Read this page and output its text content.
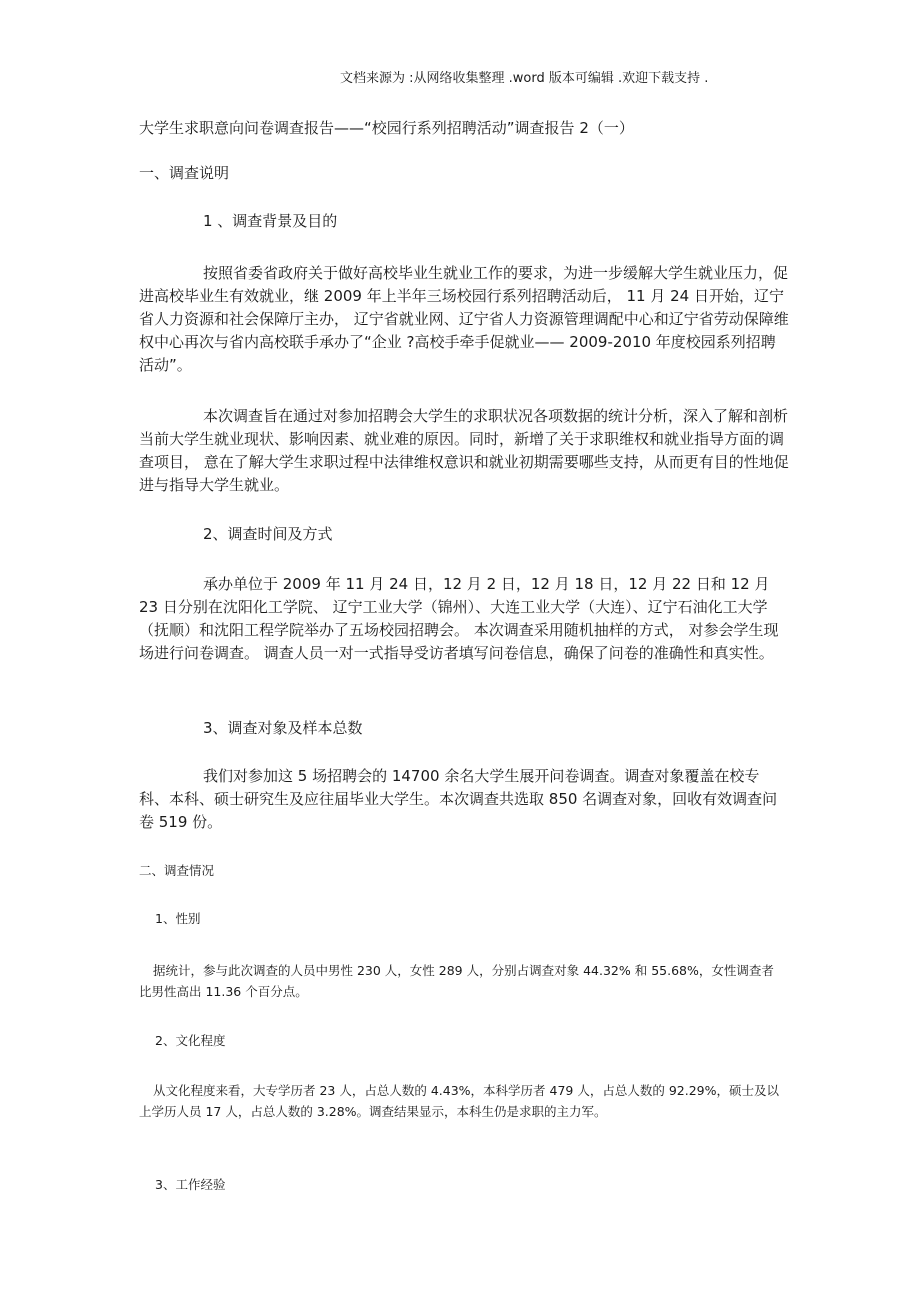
文档来源为 :从网络收集整理 .word 版本可编辑 .欢迎下载支持 .
大学生求职意向问卷调查报告——“校园行系列招聘活动”调查报告 2（一）
一、调查说明
1 、调查背景及目的
按照省委省政府关于做好高校毕业生就业工作的要求，为进一步缓解大学生就业压力，促进高校毕业生有效就业，继 2009 年上半年三场校园行系列招聘活动后， 11 月 24 日开始，辽宁省人力资源和社会保障厅主办， 辽宁省就业网、辽宁省人力资源管理调配中心和辽宁省劳动保障维权中心再次与省内高校联手承办了“企业 ?高校手牵手促就业—— 2009-2010 年度校园系列招聘活动”。
本次调查旨在通过对参加招聘会大学生的求职状况各项数据的统计分析，深入了解和剖析当前大学生就业现状、影响因素、就业难的原因。同时，新增了关于求职维权和就业指导方面的调查项目， 意在了解大学生求职过程中法律维权意识和就业初期需要哪些支持，从而更有目的性地促进与指导大学生就业。
2、调查时间及方式
承办单位于 2009 年 11 月 24 日，12 月 2 日，12 月 18 日，12 月 22 日和 12 月 23 日分别在沈阳化工学院、 辽宁工业大学（锦州）、大连工业大学（大连）、辽宁石油化工大学 （抚顺）和沈阳工程学院举办了五场校园招聘会。 本次调查采用随机抽样的方式， 对参会学生现场进行问卷调查。 调查人员一对一式指导受访者填写问卷信息，确保了问卷的准确性和真实性。
3、调查对象及样本总数
我们对参加这 5 场招聘会的 14700 余名大学生展开问卷调查。调查对象覆盖在校专科、本科、硕士研究生及应往届毕业大学生。本次调查共选取 850 名调查对象，回收有效调查问卷 519 份。
二、调查情况
1、性别
据统计，参与此次调查的人员中男性 230 人，女性 289 人，分别占调查对象 44.32% 和 55.68%，女性调查者比男性高出 11.36 个百分点。
2、文化程度
从文化程度来看，大专学历者 23 人，占总人数的 4.43%，本科学历者 479 人，占总人数的 92.29%，硕士及以上学历人员 17 人，占总人数的 3.28%。调查结果显示，本科生仍是求职的主力军。
3、工作经验
